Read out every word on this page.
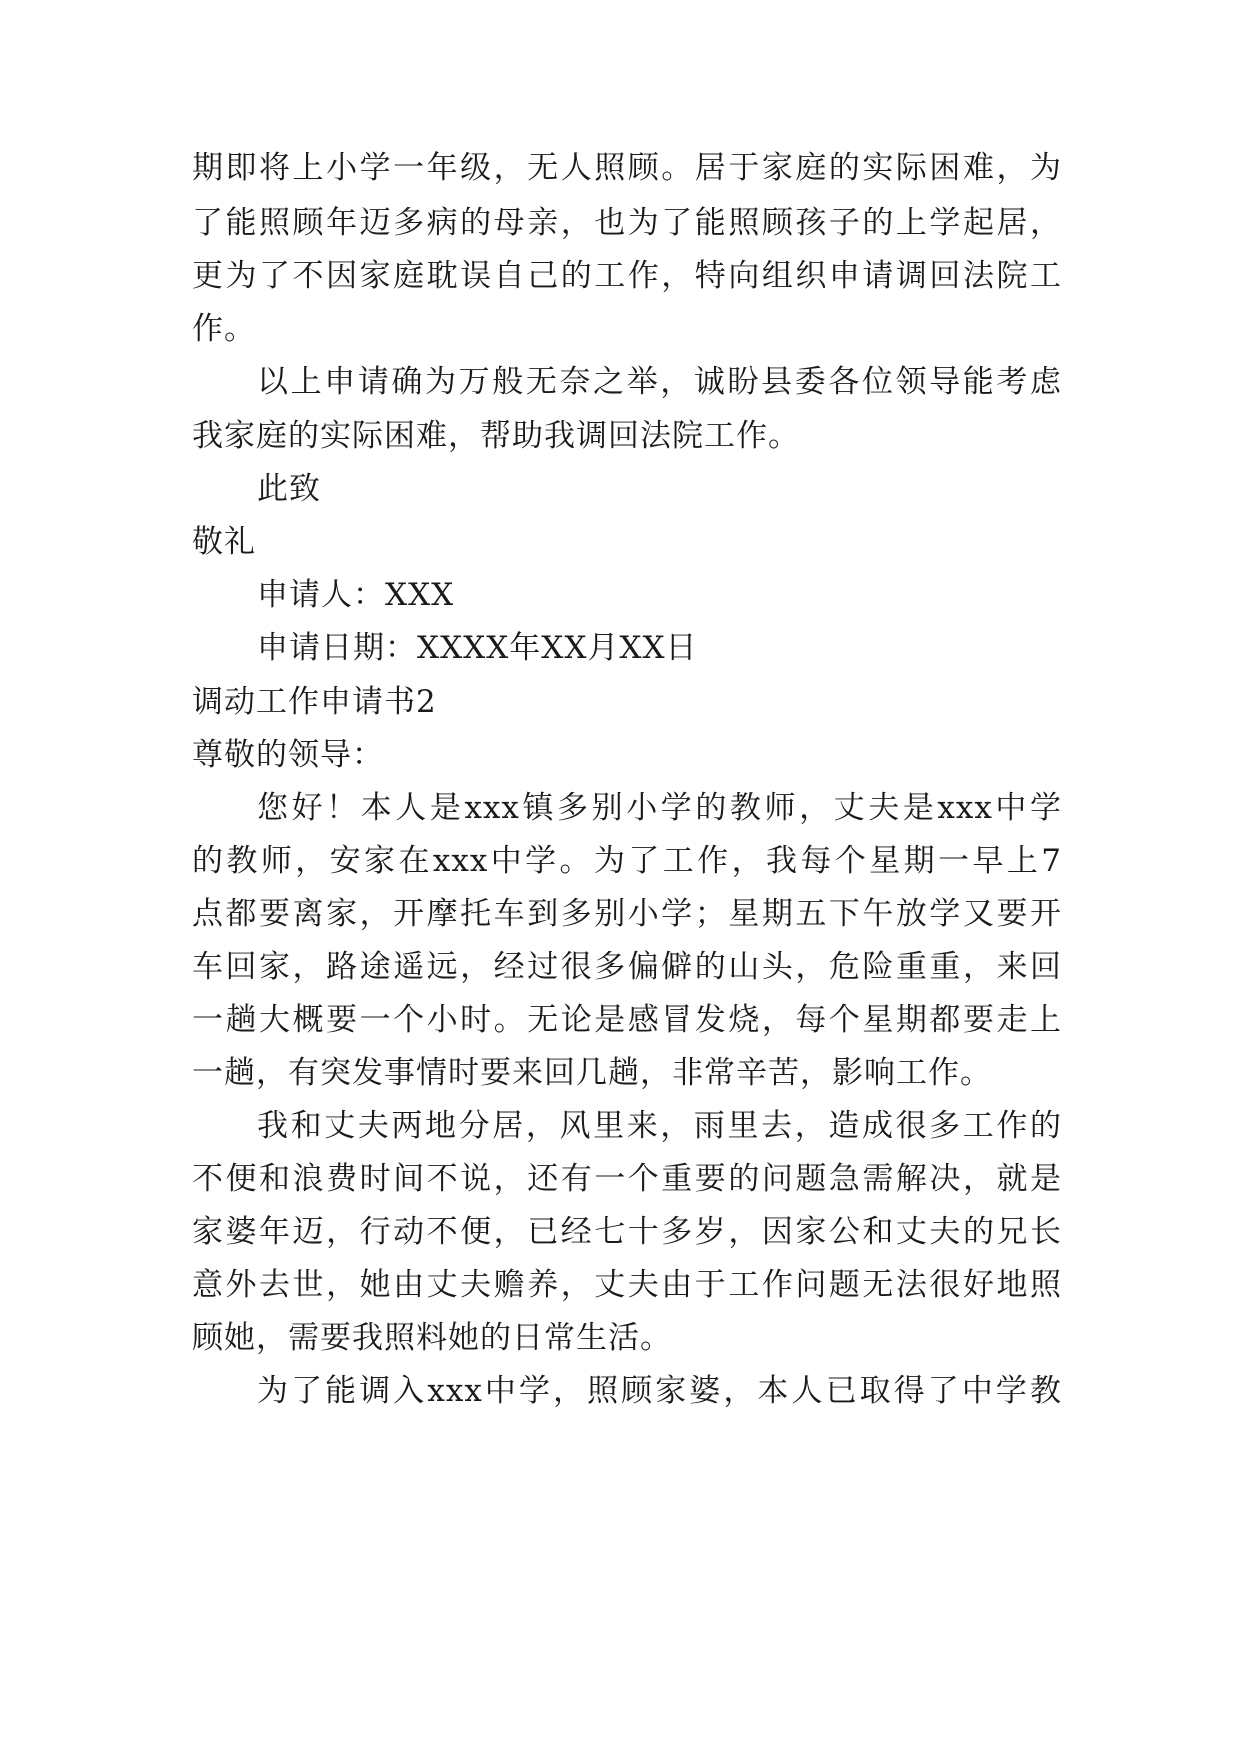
期即将上小学一年级，无人照顾。居于家庭的实际困难，为
了能照顾年迈多病的母亲，也为了能照顾孩子的上学起居，
更为了不因家庭耽误自己的工作，特向组织申请调回法院工
作。
以上申请确为万般无奈之举，诚盼县委各位领导能考虑
我家庭的实际困难，帮助我调回法院工作。
此致
敬礼
申请人：XXX
申请日期：XXXX年XX月XX日
调动工作申请书2
尊敬的领导：
您好！本人是xxx镇多别小学的教师，丈夫是xxx中学
的教师，安家在xxx中学。为了工作，我每个星期一早上7
点都要离家，开摩托车到多别小学；星期五下午放学又要开
车回家，路途遥远，经过很多偏僻的山头，危险重重，来回
一趟大概要一个小时。无论是感冒发烧，每个星期都要走上
一趟，有突发事情时要来回几趟，非常辛苦，影响工作。
我和丈夫两地分居，风里来，雨里去，造成很多工作的
不便和浪费时间不说，还有一个重要的问题急需解决，就是
家婆年迈，行动不便，已经七十多岁，因家公和丈夫的兄长
意外去世，她由丈夫赡养，丈夫由于工作问题无法很好地照
顾她，需要我照料她的日常生活。
为了能调入xxx中学，照顾家婆，本人已取得了中学教
